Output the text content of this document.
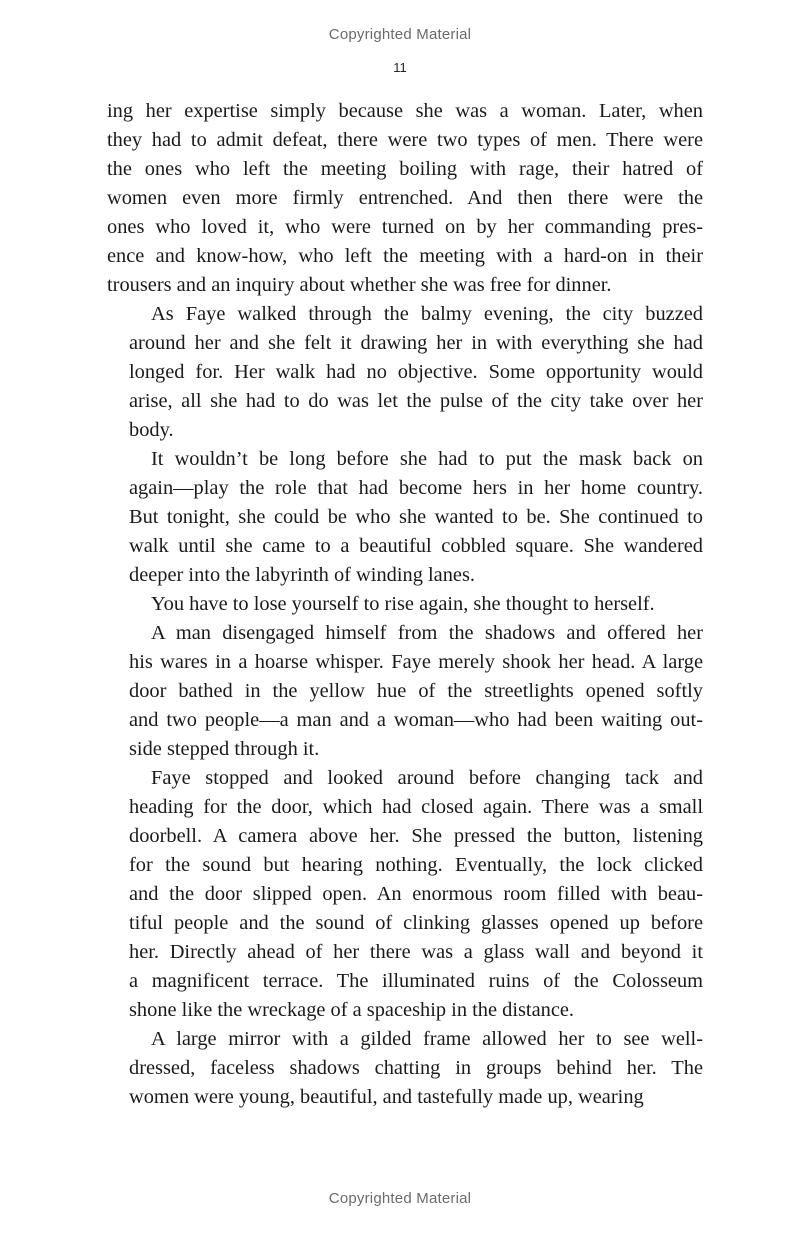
Copyrighted Material
11

ing her expertise simply because she was a woman. Later, when
they had to admit defeat, there were two types of men. There were
the ones who left the meeting boiling with rage, their hatred of
women even more firmly entrenched. And then there were the
ones who loved it, who were turned on by her commanding pres-
ence and know-how, who left the meeting with a hard-on in their
trousers and an inquiry about whether she was free for dinner.

As Faye walked through the balmy evening, the city buzzed
around her and she felt it drawing her in with everything she had
longed for. Her walk had no objective. Some opportunity would
arise, all she had to do was let the pulse of the city take over her
body.

It wouldn’t be long before she had to put the mask back on
again—play the role that had become hers in her home country.
But tonight, she could be who she wanted to be. She continued to
walk until she came to a beautiful cobbled square. She wandered
deeper into the labyrinth of winding lanes.

You have to lose yourself to rise again, she thought to herself.

A man disengaged himself from the shadows and offered her
his wares in a hoarse whisper. Faye merely shook her head. A large
door bathed in the yellow hue of the streetlights opened softly
and two people—a man and a woman—who had been waiting out-
side stepped through it.

Faye stopped and looked around before changing tack and
heading for the door, which had closed again. There was a small
doorbell. A camera above her. She pressed the button, listening
for the sound but hearing nothing. Eventually, the lock clicked
and the door slipped open. An enormous room filled with beau-
tiful people and the sound of clinking glasses opened up before
her. Directly ahead of her there was a glass wall and beyond it
a magnificent terrace. The illuminated ruins of the Colosseum
shone like the wreckage of a spaceship in the distance.

A large mirror with a gilded frame allowed her to see well-
dressed, faceless shadows chatting in groups behind her. The
women were young, beautiful, and tastefully made up, wearing

Copyrighted Material
